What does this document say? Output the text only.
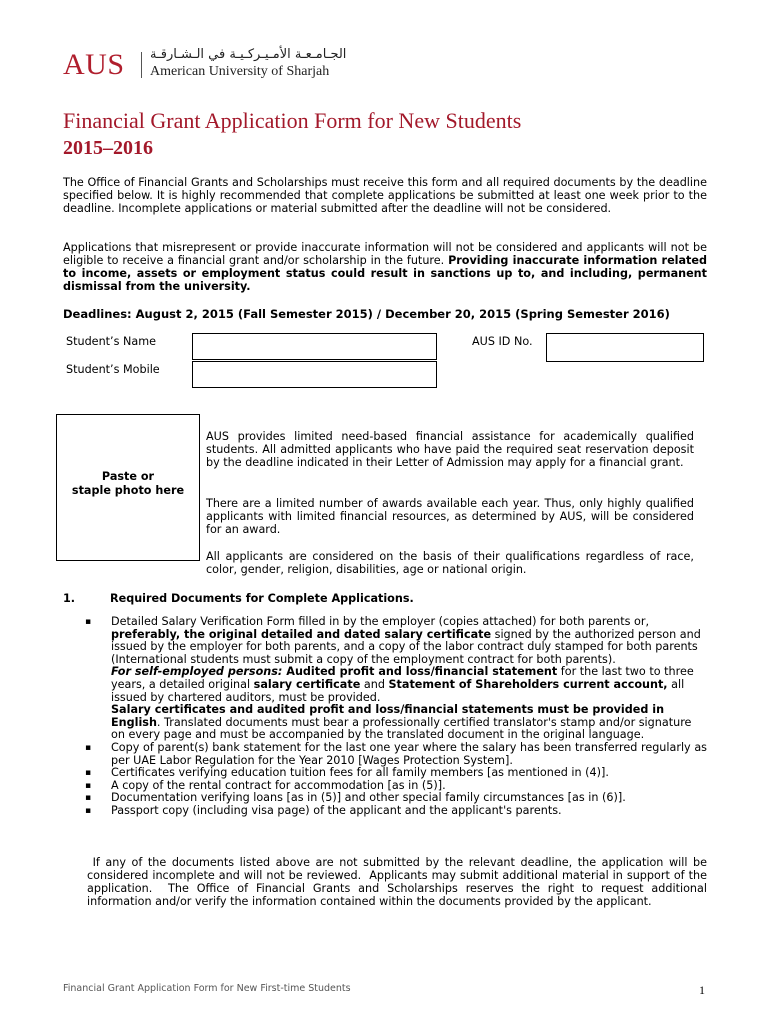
AUS الجـامـعـة الأمـيـركـيـة في الـشـارقـة
American University of Sharjah
Financial Grant Application Form for New Students
2015–2016
The Office of Financial Grants and Scholarships must receive this form and all required documents by the deadline specified below. It is highly recommended that complete applications be submitted at least one week prior to the deadline. Incomplete applications or material submitted after the deadline will not be considered.
Applications that misrepresent or provide inaccurate information will not be considered and applicants will not be eligible to receive a financial grant and/or scholarship in the future. Providing inaccurate information related to income, assets or employment status could result in sanctions up to, and including, permanent dismissal from the university.
Deadlines: August 2, 2015 (Fall Semester 2015) / December 20, 2015 (Spring Semester 2016)
Student’s Name	AUS ID No.
Student’s Mobile
Paste or
staple photo here
AUS provides limited need-based financial assistance for academically qualified students. All admitted applicants who have paid the required seat reservation deposit by the deadline indicated in their Letter of Admission may apply for a financial grant.
There are a limited number of awards available each year. Thus, only highly qualified applicants with limited financial resources, as determined by AUS, will be considered for an award.
All applicants are considered on the basis of their qualifications regardless of race, color, gender, religion, disabilities, age or national origin.
1.	Required Documents for Complete Applications.
▪ Detailed Salary Verification Form filled in by the employer (copies attached) for both parents or, preferably, the original detailed and dated salary certificate signed by the authorized person and issued by the employer for both parents, and a copy of the labor contract duly stamped for both parents (International students must submit a copy of the employment contract for both parents).
For self-employed persons: Audited profit and loss/financial statement for the last two to three years, a detailed original salary certificate and Statement of Shareholders current account, all issued by chartered auditors, must be provided.
Salary certificates and audited profit and loss/financial statements must be provided in English. Translated documents must bear a professionally certified translator's stamp and/or signature on every page and must be accompanied by the translated document in the original language.
▪ Copy of parent(s) bank statement for the last one year where the salary has been transferred regularly as per UAE Labor Regulation for the Year 2010 [Wages Protection System].
▪ Certificates verifying education tuition fees for all family members [as mentioned in (4)].
▪ A copy of the rental contract for accommodation [as in (5)].
▪ Documentation verifying loans [as in (5)] and other special family circumstances [as in (6)].
▪ Passport copy (including visa page) of the applicant and the applicant's parents.
If any of the documents listed above are not submitted by the relevant deadline, the application will be considered incomplete and will not be reviewed.  Applicants may submit additional material in support of the application.  The Office of Financial Grants and Scholarships reserves the right to request additional information and/or verify the information contained within the documents provided by the applicant.
Financial Grant Application Form for New First-time Students	1
